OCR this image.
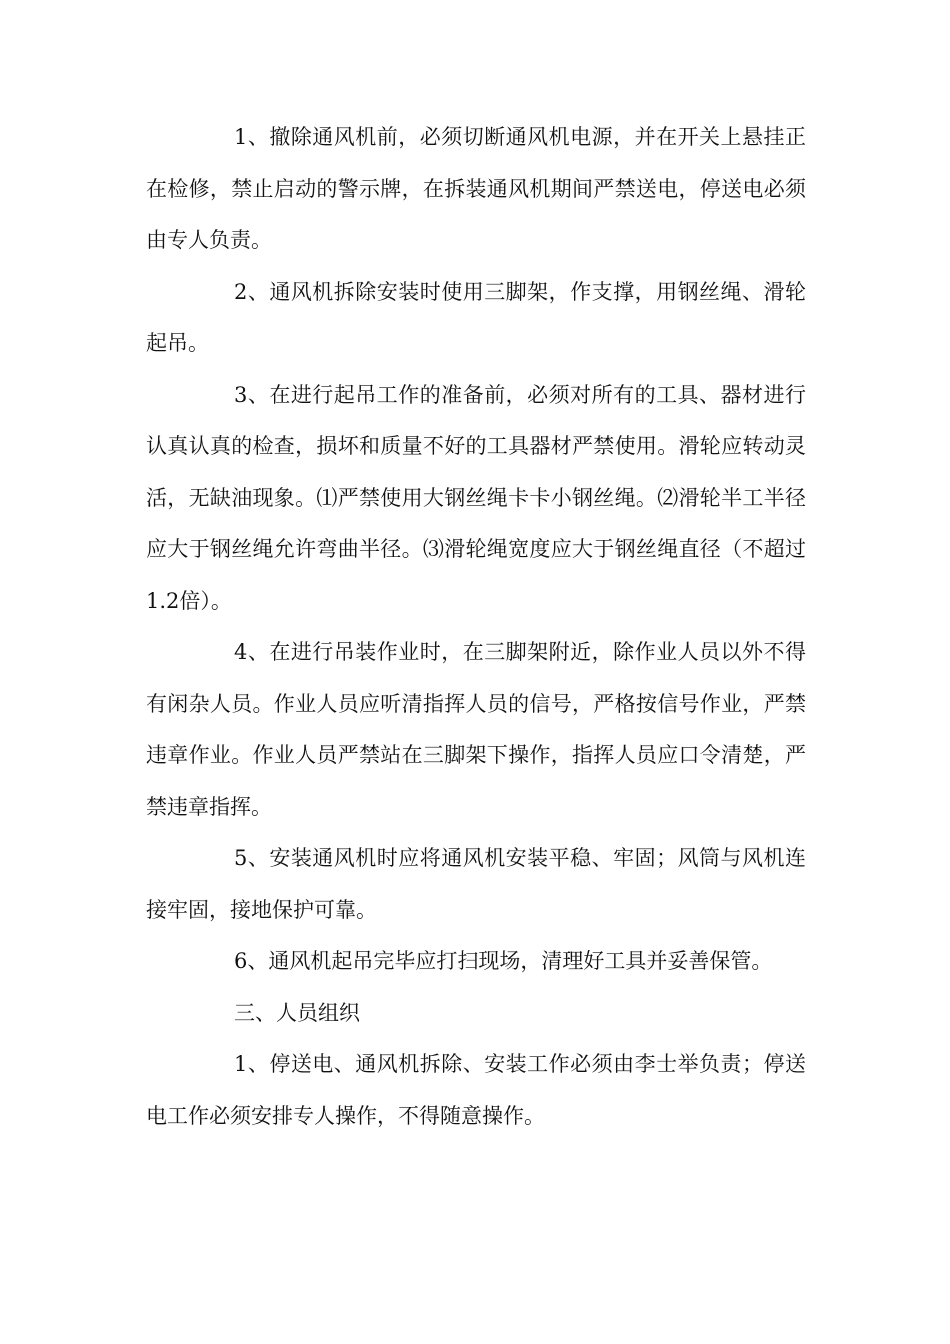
1、撤除通风机前，必须切断通风机电源，并在开关上悬挂正在检修，禁止启动的警示牌，在拆装通风机期间严禁送电，停送电必须由专人负责。

2、通风机拆除安装时使用三脚架，作支撑，用钢丝绳、滑轮起吊。

3、在进行起吊工作的准备前，必须对所有的工具、器材进行认真认真的检查，损坏和质量不好的工具器材严禁使用。滑轮应转动灵活，无缺油现象。⑴严禁使用大钢丝绳卡卡小钢丝绳。⑵滑轮半工半径应大于钢丝绳允许弯曲半径。⑶滑轮绳宽度应大于钢丝绳直径（不超过1.2倍）。

4、在进行吊装作业时，在三脚架附近，除作业人员以外不得有闲杂人员。作业人员应听清指挥人员的信号，严格按信号作业，严禁违章作业。作业人员严禁站在三脚架下操作，指挥人员应口令清楚，严禁违章指挥。

5、安装通风机时应将通风机安装平稳、牢固；风筒与风机连接牢固，接地保护可靠。

6、通风机起吊完毕应打扫现场，清理好工具并妥善保管。

三、人员组织

1、停送电、通风机拆除、安装工作必须由李士举负责；停送电工作必须安排专人操作，不得随意操作。
